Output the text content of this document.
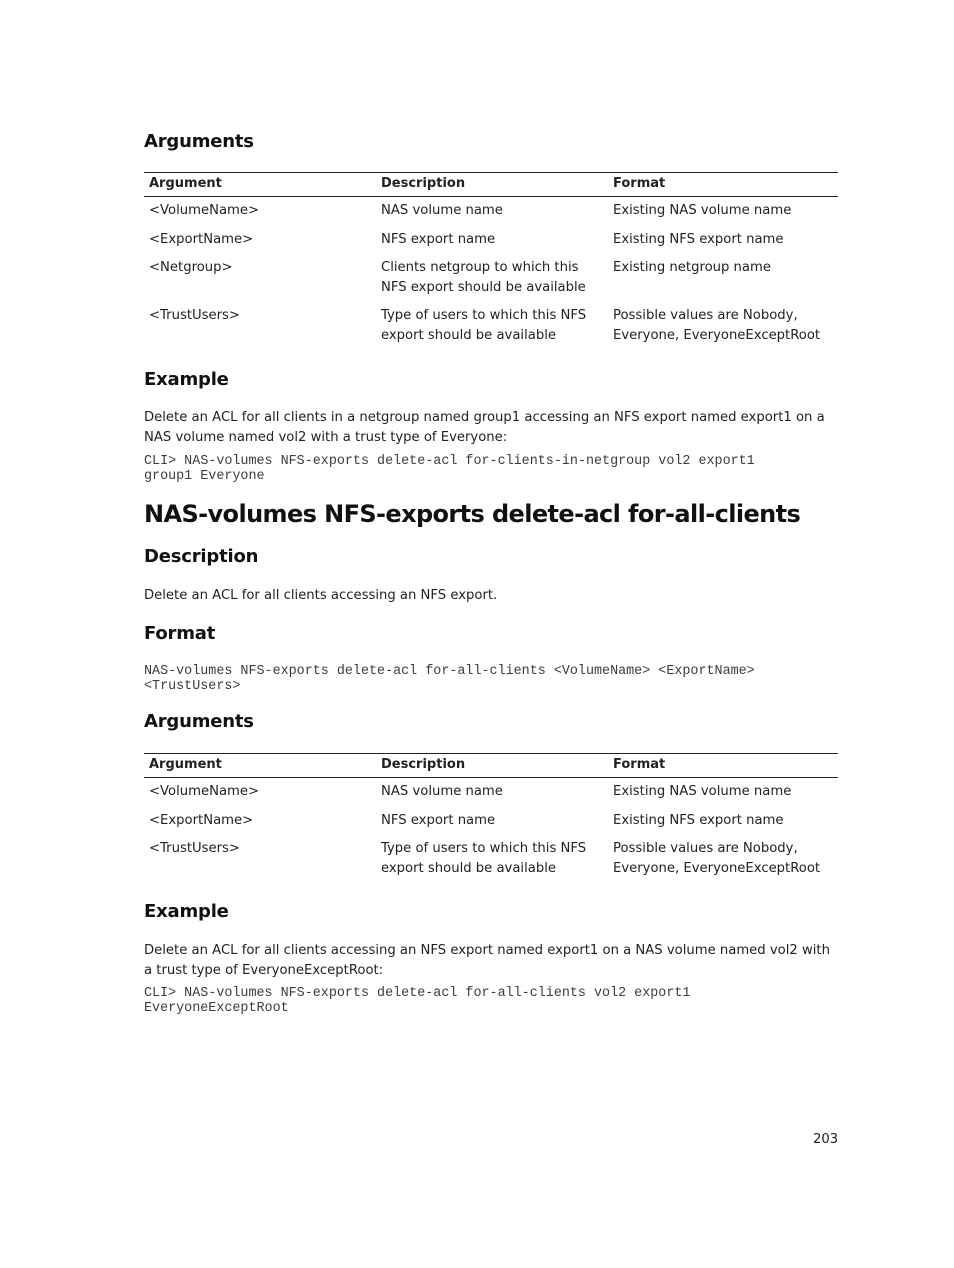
Arguments
Argument	Description	Format
<VolumeName>	NAS volume name	Existing NAS volume name
<ExportName>	NFS export name	Existing NFS export name
<Netgroup>	Clients netgroup to which this NFS export should be available	Existing netgroup name
<TrustUsers>	Type of users to which this NFS export should be available	Possible values are Nobody, Everyone, EveryoneExceptRoot
Example

Delete an ACL for all clients in a netgroup named group1 accessing an NFS export named export1 on a NAS volume named vol2 with a trust type of Everyone:

CLI> NAS-volumes NFS-exports delete-acl for-clients-in-netgroup vol2 export1
group1 Everyone
NAS-volumes NFS-exports delete-acl for-all-clients
Description

Delete an ACL for all clients accessing an NFS export.

Format
NAS-volumes NFS-exports delete-acl for-all-clients <VolumeName> <ExportName>
<TrustUsers>
Arguments
Argument	Description	Format
<VolumeName>	NAS volume name	Existing NAS volume name
<ExportName>	NFS export name	Existing NFS export name
<TrustUsers>	Type of users to which this NFS export should be available	Possible values are Nobody, Everyone, EveryoneExceptRoot
Example

Delete an ACL for all clients accessing an NFS export named export1 on a NAS volume named vol2 with a trust type of EveryoneExceptRoot:

CLI> NAS-volumes NFS-exports delete-acl for-all-clients vol2 export1
EveryoneExceptRoot
203
